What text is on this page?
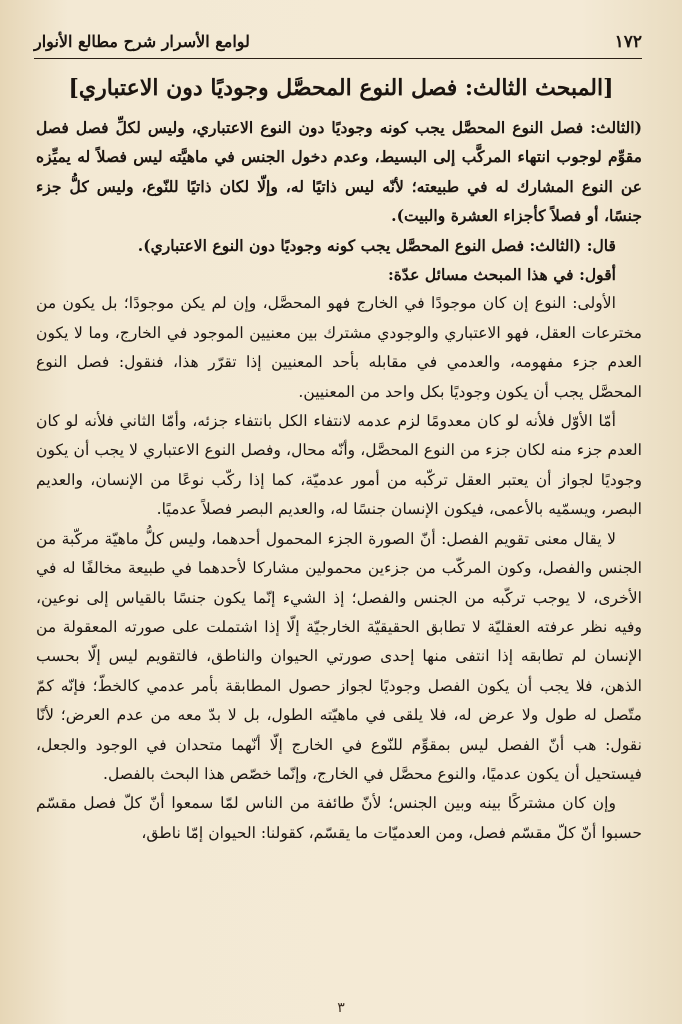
١٧٢
لوامع الأسرار شرح مطالع الأنوار
[المبحث الثالث: فصل النوع المحصَّل وجوديًا دون الاعتباري]

(الثالث: فصل النوع المحصَّل يجب كونه وجوديًا دون النوع الاعتباري، وليس لكلِّ فصل فصل مقوِّم لوجوب انتهاء المركَّب إلى البسيط، وعدم دخول الجنس في ماهيَّته ليس فصلاً له يميِّزه عن النوع المشارك له في طبيعته؛ لأنّه ليس ذاتيًا له، وإلّا لكان ذاتيًا للنّوع، وليس كلُّ جزء جنسًا، أو فصلاً كأجزاء العشرة والبيت).

قال: (الثالث: فصل النوع المحصَّل يجب كونه وجوديًا دون النوع الاعتباري).

أقول: في هذا المبحث مسائل عدّة:

الأولى: النوع إن كان موجودًا في الخارج فهو المحصَّل، وإن لم يكن موجودًا؛ بل يكون من مخترعات العقل، فهو الاعتباري والوجودي مشترك بين معنيين الموجود في الخارج، وما لا يكون العدم جزء مفهومه، والعدمي في مقابله بأحد المعنيين إذا تقرّر هذا، فنقول: فصل النوع المحصَّل يجب أن يكون وجوديًا بكل واحد من المعنيين.

أمّا الأوّل فلأنه لو كان معدومًا لزم عدمه لانتفاء الكل بانتفاء جزئه، وأمّا الثاني فلأنه لو كان العدم جزء منه لكان جزء من النوع المحصَّل، وأنّه محال، وفصل النوع الاعتباري لا يجب أن يكون وجوديًا لجواز أن يعتبر العقل تركّبه من أمور عدميّة، كما إذا ركّب نوعًا من الإنسان، والعديم البصر، ويسمّيه بالأعمى، فيكون الإنسان جنسًا له، والعديم البصر فصلاً عدميًا.

لا يقال معنى تقويم الفصل: أنّ الصورة الجزء المحمول أحدهما، وليس كلُّ ماهيّة مركّبة من الجنس والفصل، وكون المركّب من جزءين محمولين مشاركا لأحدهما في طبيعة مخالفًا له في الأخرى، لا يوجب تركّبه من الجنس والفصل؛ إذ الشيء إنّما يكون جنسًا بالقياس إلى نوعين، وفيه نظر عرفته العقليّة لا تطابق الحقيقيّة الخارجيّة إلّا إذا اشتملت على صورته المعقولة من الإنسان لم تطابقه إذا انتفى منها إحدى صورتي الحيوان والناطق، فالتقويم ليس إلّا بحسب الذهن، فلا يجب أن يكون الفصل وجوديًا لجواز حصول المطابقة بأمر عدمي كالخطّ؛ فإنّه كمّ متّصل له طول ولا عرض له، فلا يلقى في ماهيّته الطول، بل لا بدّ معه من عدم العرض؛ لأنّا نقول: هب أنّ الفصل ليس بمقوِّم للنّوع في الخارج إلّا أنّهما متحدان في الوجود والجعل، فيستحيل أن يكون عدميًا، والنوع محصَّل في الخارج، وإنّما خصّص هذا البحث بالفصل.

وإن كان مشتركًا بينه وبين الجنس؛ لأنّ طائفة من الناس لمّا سمعوا أنّ كلّ فصل مقسّم حسبوا أنّ كلّ مقسّم فصل، ومن العدميّات ما يقسّم، كقولنا: الحيوان إمّا ناطق،

٣
